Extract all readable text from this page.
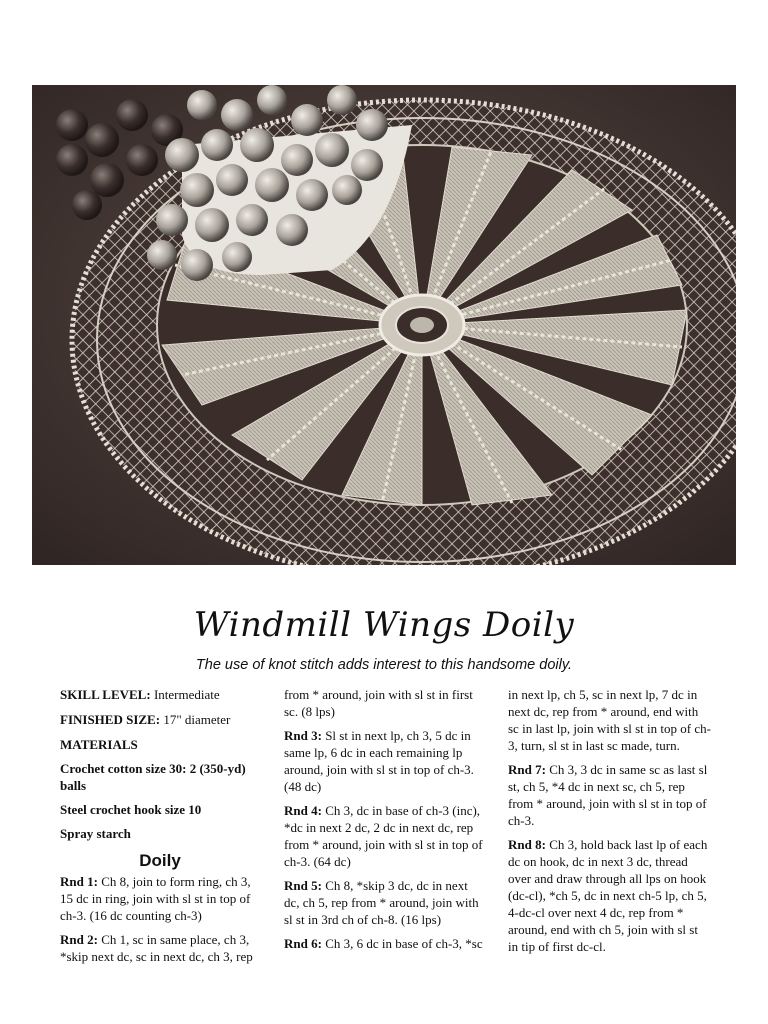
Windmill Wings Doily
The use of knot stitch adds interest to this handsome doily.

SKILL LEVEL: Intermediate

FINISHED SIZE: 17" diameter

MATERIALS

Crochet cotton size 30: 2 (350-yd) balls

Steel crochet hook size 10

Spray starch

Doily

Rnd 1: Ch 8, join to form ring, ch 3, 15 dc in ring, join with sl st in top of ch-3. (16 dc counting ch-3)

Rnd 2: Ch 1, sc in same place, ch 3, *skip next dc, sc in next dc, ch 3, rep

from * around, join with sl st in first sc. (8 lps)

Rnd 3: Sl st in next lp, ch 3, 5 dc in same lp, 6 dc in each remaining lp around, join with sl st in top of ch-3. (48 dc)

Rnd 4: Ch 3, dc in base of ch-3 (inc), *dc in next 2 dc, 2 dc in next dc, rep from * around, join with sl st in top of ch-3. (64 dc)

Rnd 5: Ch 8, *skip 3 dc, dc in next dc, ch 5, rep from * around, join with sl st in 3rd ch of ch-8. (16 lps)

Rnd 6: Ch 3, 6 dc in base of ch-3, *sc

in next lp, ch 5, sc in next lp, 7 dc in next dc, rep from * around, end with sc in last lp, join with sl st in top of ch-3, turn, sl st in last sc made, turn.

Rnd 7: Ch 3, 3 dc in same sc as last sl st, ch 5, *4 dc in next sc, ch 5, rep from * around, join with sl st in top of ch-3.

Rnd 8: Ch 3, hold back last lp of each dc on hook, dc in next 3 dc, thread over and draw through all lps on hook (dc-cl), *ch 5, dc in next ch-5 lp, ch 5, 4-dc-cl over next 4 dc, rep from * around, end with ch 5, join with sl st in tip of first dc-cl.
